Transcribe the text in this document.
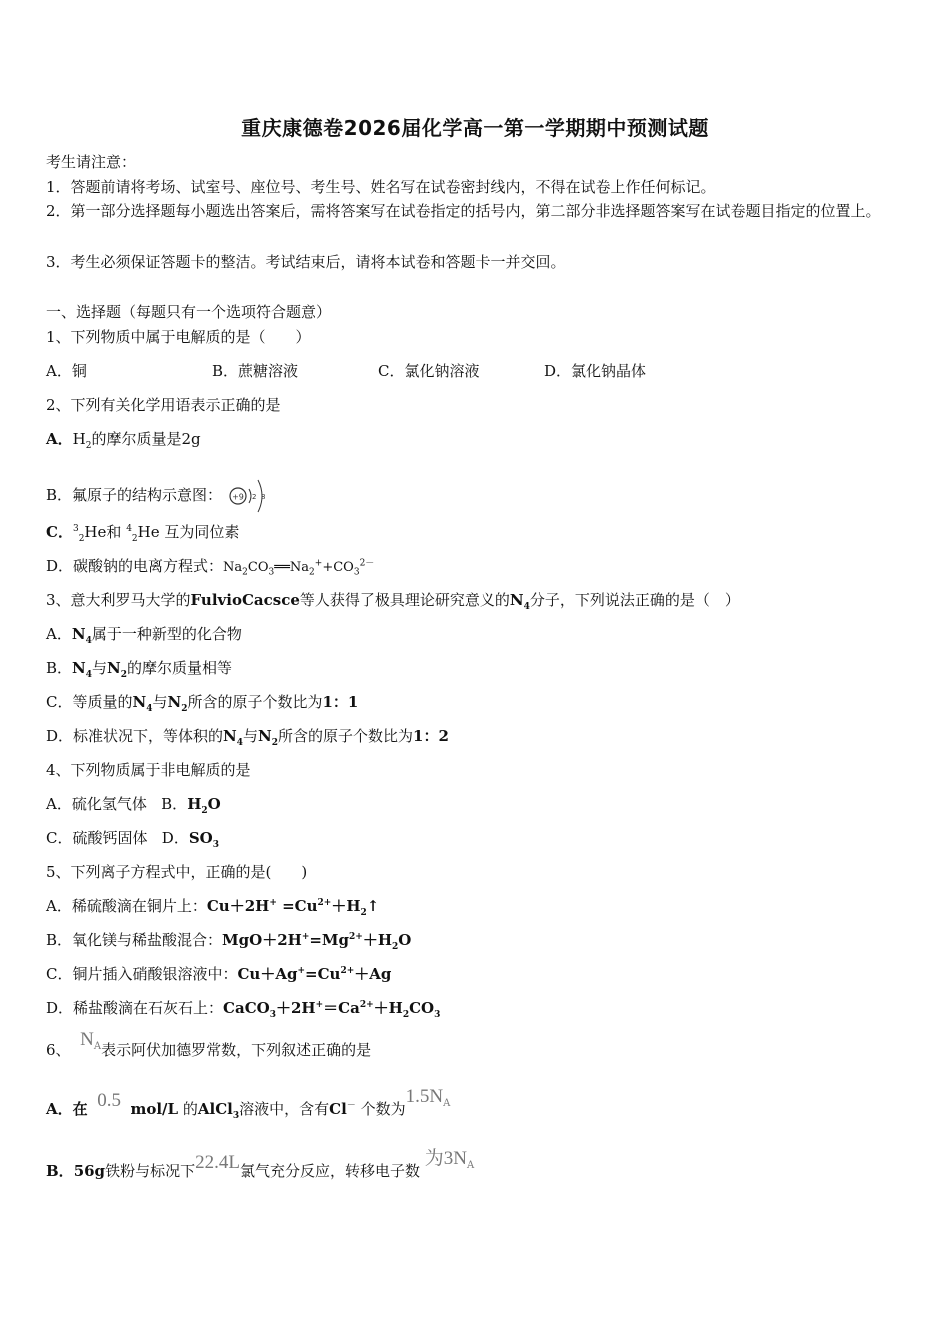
重庆康德卷2026届化学高一第一学期期中预测试题
考生请注意：
1．答题前请将考场、试室号、座位号、考生号、姓名写在试卷密封线内，不得在试卷上作任何标记。
2．第一部分选择题每小题选出答案后，需将答案写在试卷指定的括号内，第二部分非选择题答案写在试卷题目指定的位置上。
3．考生必须保证答题卡的整洁。考试结束后，请将本试卷和答题卡一并交回。
一、选择题（每题只有一个选项符合题意）
1、下列物质中属于电解质的是（　　）
A．铜	B．蔗糖溶液	C．氯化钠溶液	D．氯化钠晶体
2、下列有关化学用语表示正确的是
A．$H_2$的摩尔质量是2g
B．氟原子的结构示意图： +9 2 8
C．$^3_2$He和 $^4_2$He 互为同位素
D．碳酸钠的电离方程式：$Na_2CO_3══Na_2^++CO_3^{2-}$
3、意大利罗马大学的FulvioCacsce等人获得了极具理论研究意义的$N_4$分子，下列说法正确的是（　）
A．$N_4$属于一种新型的化合物
B．$N_4$与$N_2$的摩尔质量相等
C．等质量的$N_4$与$N_2$所含的原子个数比为1：1
D．标准状况下，等体积的$N_4$与$N_2$所含的原子个数比为1：2
4、下列物质属于非电解质的是
A．硫化氢气体 B．$H_2O$
C．硫酸钙固体 D．$SO_3$
5、下列离子方程式中，正确的是(　　)
A．稀硫酸滴在铜片上：$Cu+2H^+ =Cu^{2+}+H_2↑$
B．氧化镁与稀盐酸混合：$MgO+2H^+=Mg^{2+}+H_2O$
C．铜片插入硝酸银溶液中：$Cu+Ag^+=Cu^{2+}+Ag$
D．稀盐酸滴在石灰石上：$CaCO_3+2H^+=Ca^{2+}+H_2CO_3$
6、 $N_A$表示阿伏加德罗常数，下列叙述正确的是
A．在 0.5 mol/L 的AlCl$_3$溶液中，含有Cl－ 个数为$1.5N_A$
B．56g铁粉与标况下22.4L氯气充分反应，转移电子数 为$3N_A$
